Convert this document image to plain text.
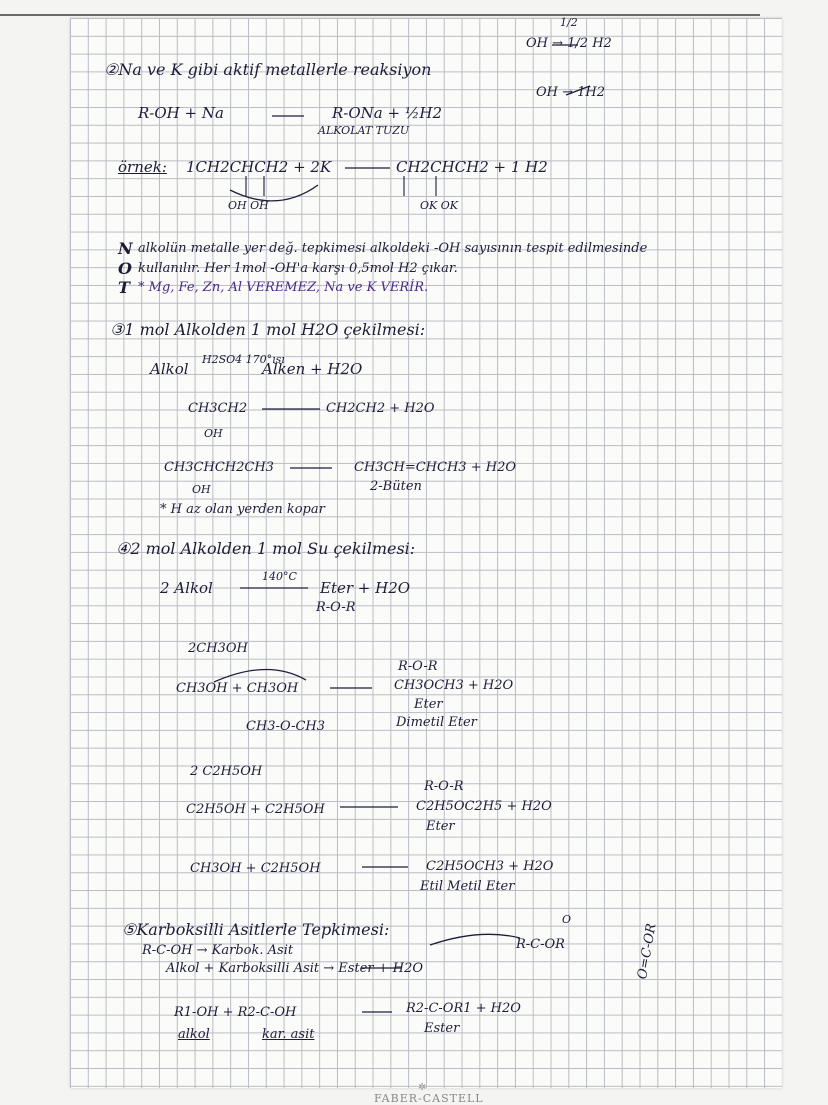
②Na ve K gibi aktif metallerle reaksiyon
R-OH + Na	R-ONa + ½H2
ALKOLAT TUZU
1/2
OH → 1/2 H2
OH → 1H2
örnek: 1CH2CHCH2 + 2K
OH OH
CH2CHCH2 + 1 H2
OK OK
N alkolün metalle yer değ. tepkimesi alkoldeki -OH sayısının tespit edilmesinde
O kullanılır. Her 1mol -OH'a karşı 0,5mol H2 çıkar.
T * Mg, Fe, Zn, Al VEREMEZ, Na ve K VERİR.
③1 mol Alkolden 1 mol H2O çekilmesi:
Alkol
H2SO4 170°ısı
Alken + H2O
CH3CH2
OH
CH2CH2 + H2O
CH3CHCH2CH3
OH
CH3CH=CHCH3 + H2O
2-Büten
* H az olan yerden kopar
④2 mol Alkolden 1 mol Su çekilmesi:
2 Alkol
140°C
Eter + H2O
R-O-R
2CH3OH
CH3OH + CH3OH
R-O-R
CH3OCH3 + H2O
Eter
Dimetil Eter
CH3-O-CH3
2 C2H5OH
R-O-R
C2H5OH + C2H5OH	C2H5OC2H5 + H2O
Eter
CH3OH + C2H5OH	C2H5OCH3 + H2O
Etil Metil Eter
⑤Karboksilli Asitlerle Tepkimesi:
R-C-OH → Karbok. Asit
O
R-C-OR
Alkol + Karboksilli Asit → Ester + H2O
R1-OH + R2-C-OH	R2-C-OR1 + H2O
alkol	kar. asit	Ester
O=C-OR
✲
FABER-CASTELL
